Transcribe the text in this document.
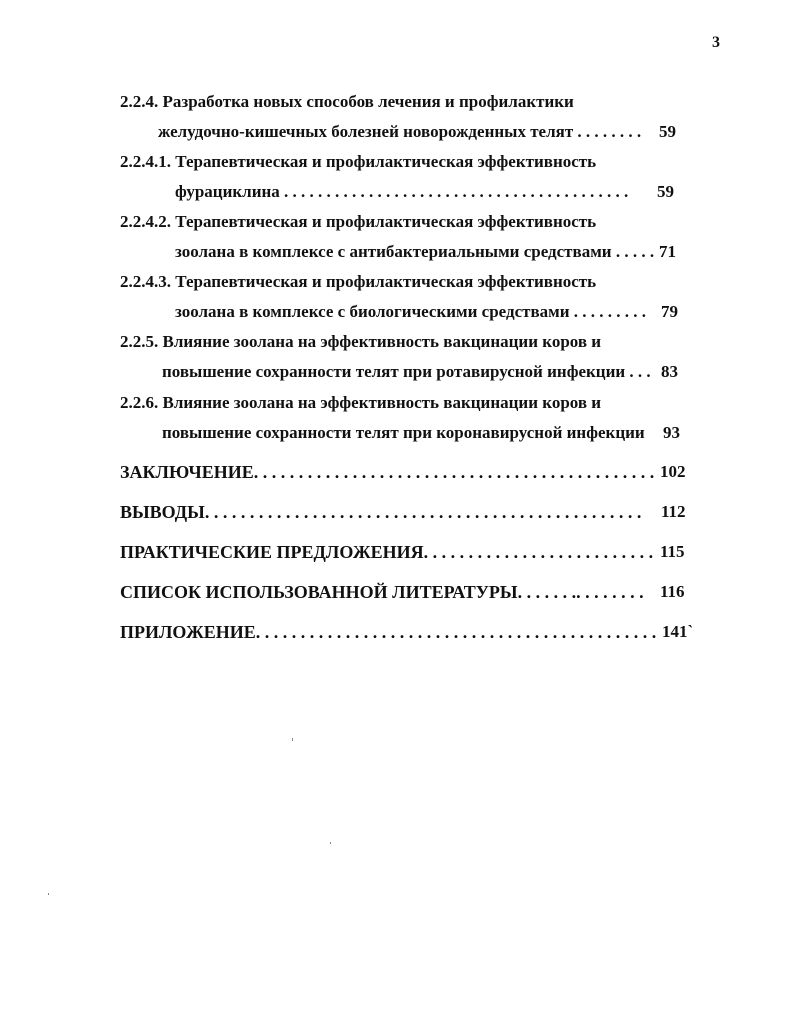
3
2.2.4. Разработка новых способов лечения и профилактики
желудочно-кишечных болезней новорожденных телят . . . . . . . . 59
2.2.4.1. Терапевтическая и профилактическая эффективность
фурациклина . . . . . . . . . . . . . . . . . . . . . . . . . . . . . . . . . . . . . . . . . 59
2.2.4.2. Терапевтическая и профилактическая эффективность
зоолана в комплексе с антибактериальными средствами . . . . . 71
2.2.4.3. Терапевтическая и профилактическая эффективность
зоолана в комплексе с биологическими средствами . . . . . . . . . 79
2.2.5. Влияние зоолана на эффективность вакцинации коров и
повышение сохранности телят при ротавирусной инфекции . . . 83
2.2.6. Влияние зоолана на эффективность вакцинации коров и
повышение сохранности телят при коронавирусной инфекции 93
ЗАКЛЮЧЕНИЕ. . . . . . . . . . . . . . . . . . . . . . . . . . . . . . . . . . . . . . . . . . . . . 102
ВЫВОДЫ. . . . . . . . . . . . . . . . . . . . . . . . . . . . . . . . . . . . . . . . . . . . . . . . . 112
ПРАКТИЧЕСКИЕ ПРЕДЛОЖЕНИЯ. . . . . . . . . . . . . . . . . . . . . . . . . . 115
СПИСОК ИСПОЛЬЗОВАННОЙ ЛИТЕРАТУРЫ. . . . . . .. . . . . . . . 116
ПРИЛОЖЕНИЕ. . . . . . . . . . . . . . . . . . . . . . . . . . . . . . . . . . . . . . . . . . . . . 141`
